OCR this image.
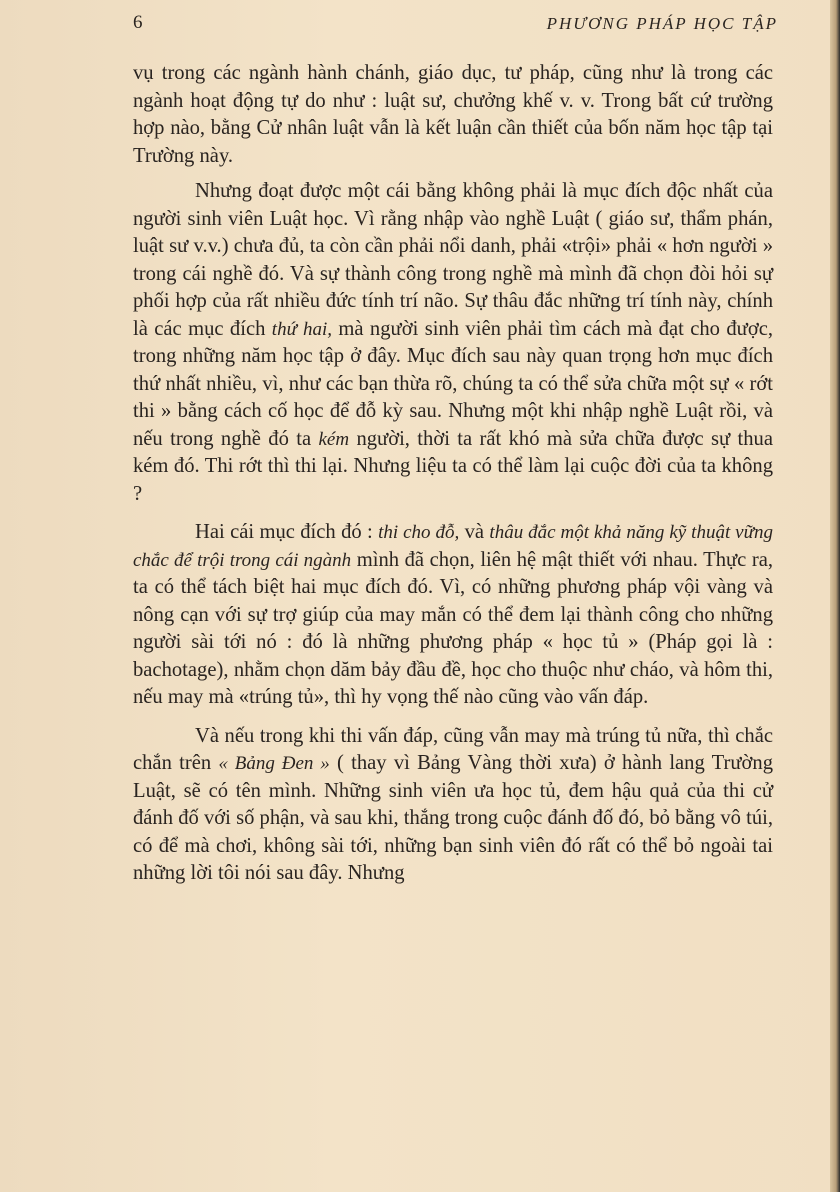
6	PHƯƠNG PHÁP HỌC TẬP

vụ trong các ngành hành chánh, giáo dục, tư pháp, cũng như là trong các ngành hoạt động tự do như : luật sư, chưởng khế v. v. Trong bất cứ trường hợp nào, bằng Cử nhân luật vẫn là kết luận cần thiết của bốn năm học tập tại Trường này.

Nhưng đoạt được một cái bằng không phải là mục đích độc nhất của người sinh viên Luật học. Vì rằng nhập vào nghề Luật ( giáo sư, thẩm phán, luật sư v.v.) chưa đủ, ta còn cần phải nổi danh, phải «trội» phải « hơn người » trong cái nghề đó. Và sự thành công trong nghề mà mình đã chọn đòi hỏi sự phối hợp của rất nhiều đức tính trí não. Sự thâu đắc những trí tính này, chính là các mục đích thứ hai, mà người sinh viên phải tìm cách mà đạt cho được, trong những năm học tập ở đây. Mục đích sau này quan trọng hơn mục đích thứ nhất nhiều, vì, như các bạn thừa rõ, chúng ta có thể sửa chữa một sự « rớt thi » bằng cách cố học để đỗ kỳ sau. Nhưng một khi nhập nghề Luật rồi, và nếu trong nghề đó ta kém người, thời ta rất khó mà sửa chữa được sự thua kém đó. Thi rớt thì thi lại. Nhưng liệu ta có thể làm lại cuộc đời của ta không ?

Hai cái mục đích đó : thi cho đỗ, và thâu đắc một khả năng kỹ thuật vững chắc để trội trong cái ngành mình đã chọn, liên hệ mật thiết với nhau. Thực ra, ta có thể tách biệt hai mục đích đó. Vì, có những phương pháp vội vàng và nông cạn với sự trợ giúp của may mắn có thể đem lại thành công cho những người sài tới nó : đó là những phương pháp « học tủ » (Pháp gọi là : bachotage), nhằm chọn dăm bảy đầu đề, học cho thuộc như cháo, và hôm thi, nếu may mà «trúng tủ», thì hy vọng thế nào cũng vào vấn đáp.

Và nếu trong khi thi vấn đáp, cũng vẫn may mà trúng tủ nữa, thì chắc chắn trên « Bảng Đen » ( thay vì Bảng Vàng thời xưa) ở hành lang Trường Luật, sẽ có tên mình. Những sinh viên ưa học tủ, đem hậu quả của thi cử đánh đố với số phận, và sau khi, thắng trong cuộc đánh đố đó, bỏ bằng vô túi, có để mà chơi, không sài tới, những bạn sinh viên đó rất có thể bỏ ngoài tai những lời tôi nói sau đây. Nhưng
